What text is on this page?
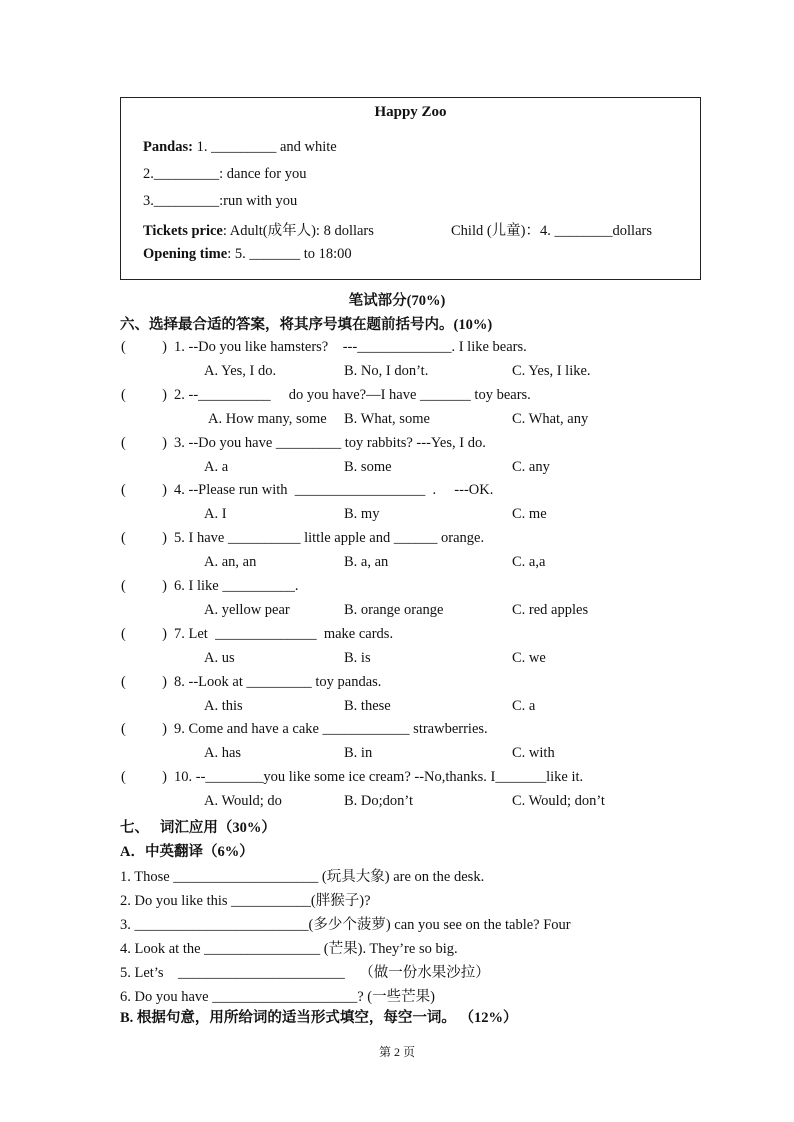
Happy Zoo
Pandas: 1. _________ and white
2._________: dance for you
3._________:run with you
Tickets price: Adult(成年人): 8 dollars	Child (儿童)：4. ________dollars
Opening time: 5. _______ to 18:00
笔试部分(70%)
六、选择最合适的答案，将其序号填在题前括号内。(10%)
(          ) 1. --Do you like hamsters?    ---_____________. I like bears.
A. Yes, I do.	B. No, I don’t.	C. Yes, I like.
(          ) 2. --__________     do you have?—I have _______ toy bears.
A. How many, some B. What, some	C. What, any
(          ) 3. --Do you have _________ toy rabbits? ---Yes, I do.
A. a	B. some	C. any
(          ) 4. --Please run with  __________________  .     ---OK.
A. I	B. my	C. me
(          ) 5. I have __________ little apple and ______ orange.
A. an, an	B. a, an	C. a,a
(          ) 6. I like __________.
A. yellow pear	B. orange orange	C. red apples
(          ) 7. Let  ______________  make cards.
A. us	B. is	C. we
(          ) 8. --Look at _________ toy pandas.
A. this	B. these	C. a
(          ) 9. Come and have a cake ____________ strawberries.
A. has	B. in	C. with
(          ) 10. --________you like some ice cream? --No,thanks. I_______like it.
A. Would; do	B. Do;don’t	C. Would; don’t
七、   词汇应用（30%）
A．中英翻译（6%）
1. Those ____________________ (玩具大象) are on the desk.
2. Do you like this ___________(胖猴子)?
3. ________________________(多少个菠萝) can you see on the table? Four
4. Look at the ________________ (芒果). They’re so big.
5. Let’s    _______________________    （做一份水果沙拉）
6. Do you have ____________________? (一些芒果)
B. 根据句意，用所给词的适当形式填空，每空一词。 （12%）
第 2 页
